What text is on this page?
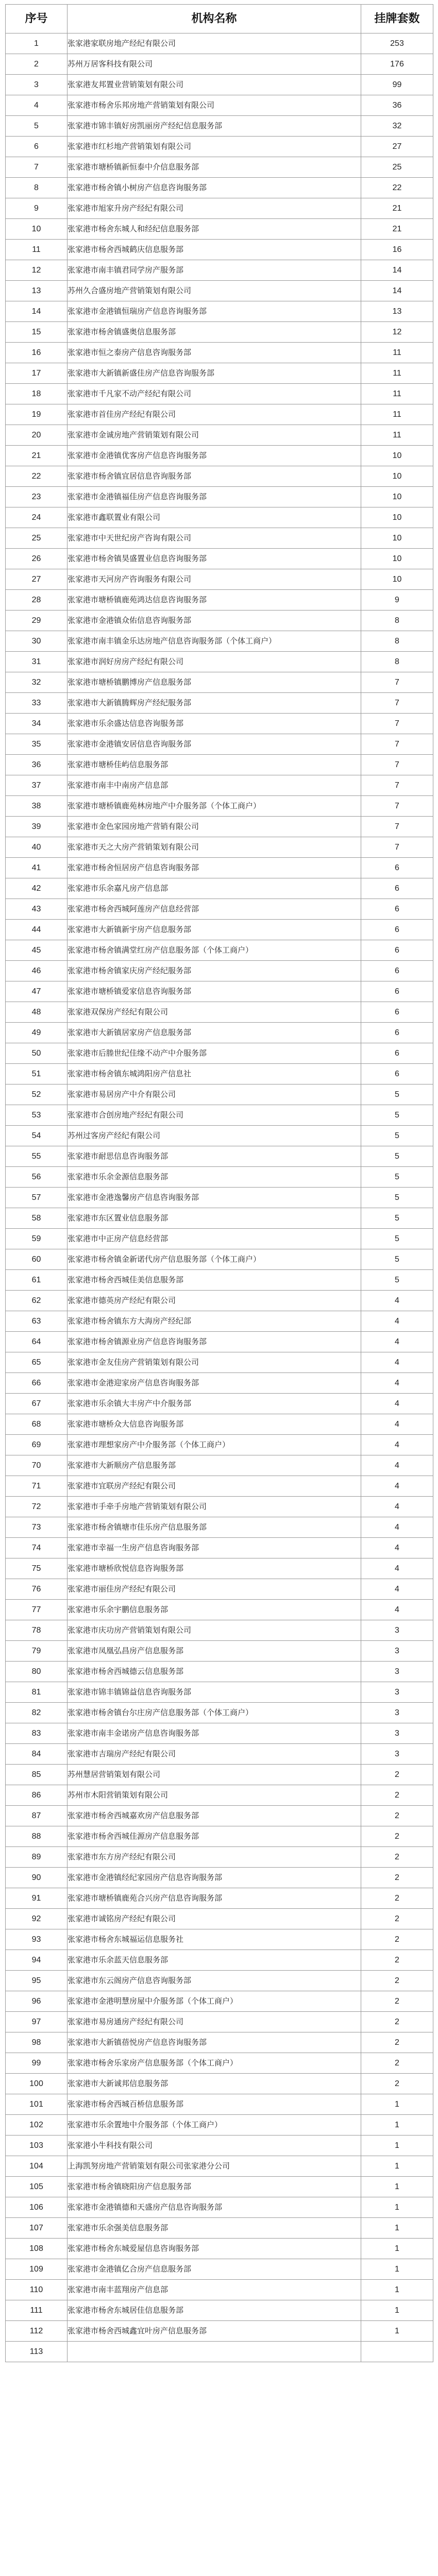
序号	机构名称	挂牌套数
1	张家港家联房地产经纪有限公司	253
2	苏州万居客科技有限公司	176
3	张家港友邦置业营销策划有限公司	99
4	张家港市杨舍乐邦房地产营销策划有限公司	36
5	张家港市锦丰镇好房凯丽房产经纪信息服务部	32
6	张家港市红杉地产营销策划有限公司	27
7	张家港市塘桥镇新恒泰中介信息服务部	25
8	张家港市杨舍镇小树房产信息咨询服务部	22
9	张家港市旭家升房产经纪有限公司	21
10	张家港市杨舍东城人和经纪信息服务部	21
11	张家港市杨舍西城鹤庆信息服务部	16
12	张家港市南丰镇君同学房产服务部	14
13	苏州久合盛房地产营销策划有限公司	14
14	张家港市金港镇恒瑞房产信息咨询服务部	13
15	张家港市杨舍镇盛奥信息服务部	12
16	张家港市恒之泰房产信息咨询服务部	11
17	张家港市大新镇新盛佳房产信息咨询服务部	11
18	张家港市千凡家不动产经纪有限公司	11
19	张家港市首佳房产经纪有限公司	11
20	张家港市金诚房地产营销策划有限公司	11
21	张家港市金港镇优客房产信息咨询服务部	10
22	张家港市杨舍镇宜居信息咨询服务部	10
23	张家港市金港镇福佳房产信息咨询服务部	10
24	张家港市鑫联置业有限公司	10
25	张家港市中天世纪房产咨询有限公司	10
26	张家港市杨舍镇昊盛置业信息咨询服务部	10
27	张家港市天河房产咨询服务有限公司	10
28	张家港市塘桥镇鹿苑鸿达信息咨询服务部	9
29	张家港市金港镇众佑信息咨询服务部	8
30	张家港市南丰镇金乐达房地产信息咨询服务部（个体工商户）	8
31	张家港市润好房房产经纪有限公司	8
32	张家港市塘桥镇鹏博房产信息服务部	7
33	张家港市大新镇腾辉房产经纪服务部	7
34	张家港市乐余盛达信息咨询服务部	7
35	张家港市金港镇安居信息咨询服务部	7
36	张家港市塘桥佳屿信息服务部	7
37	张家港市南丰中南房产信息部	7
38	张家港市塘桥镇鹿苑林房地产中介服务部（个体工商户）	7
39	张家港市金色家园房地产营销有限公司	7
40	张家港市天之大房产营销策划有限公司	7
41	张家港市杨舍恒居房产信息咨询服务部	6
42	张家港市乐余嘉凡房产信息部	6
43	张家港市杨舍西城阿莲房产信息经营部	6
44	张家港市大新镇新宇房产信息服务部	6
45	张家港市杨舍镇满堂红房产信息服务部（个体工商户）	6
46	张家港市杨舍镇家庆房产经纪服务部	6
47	张家港市塘桥镇爱家信息咨询服务部	6
48	张家港双保房产经纪有限公司	6
49	张家港市大新镇居家房产信息服务部	6
50	张家港市后塍世纪佳缘不动产中介服务部	6
51	张家港市杨舍镇东城鸿阳房产信息社	6
52	张家港市易居房产中介有限公司	5
53	张家港市合创房地产经纪有限公司	5
54	苏州过客房产经纪有限公司	5
55	张家港市耐思信息咨询服务部	5
56	张家港市乐余金源信息服务部	5
57	张家港市金港逸馨房产信息咨询服务部	5
58	张家港市东区置业信息服务部	5
59	张家港市中正房产信息经营部	5
60	张家港市杨舍镇金新诺代房产信息服务部（个体工商户）	5
61	张家港市杨舍西城佳美信息服务部	5
62	张家港市德英房产经纪有限公司	4
63	张家港市杨舍镇东方大海房产经纪部	4
64	张家港市杨舍镇源业房产信息咨询服务部	4
65	张家港市金友佳房产营销策划有限公司	4
66	张家港市金港迎家房产信息咨询服务部	4
67	张家港市乐余镇大丰房产中介服务部	4
68	张家港市塘桥众大信息咨询服务部	4
69	张家港市理想家房产中介服务部（个体工商户）	4
70	张家港市大新顺房产信息服务部	4
71	张家港市宜联房产经纪有限公司	4
72	张家港市手牵手房地产营销策划有限公司	4
73	张家港市杨舍镇塘市佳乐房产信息服务部	4
74	张家港市幸福一生房产信息咨询服务部	4
75	张家港市塘桥欣悦信息咨询服务部	4
76	张家港市丽佳房产经纪有限公司	4
77	张家港市乐余宇鹏信息服务部	4
78	张家港市庆功房产营销策划有限公司	3
79	张家港市凤凰弘昌房产信息服务部	3
80	张家港市杨舍西城德云信息服务部	3
81	张家港市锦丰镇锦益信息咨询服务部	3
82	张家港市杨舍镇台尔庄房产信息服务部（个体工商户）	3
83	张家港市南丰金诺房产信息咨询服务部	3
84	张家港市吉瑞房产经纪有限公司	3
85	苏州慧居营销策划有限公司	2
86	苏州市木阳营销策划有限公司	2
87	张家港市杨舍西城嘉欢房产信息服务部	2
88	张家港市杨舍西城佳源房产信息服务部	2
89	张家港市东方房产经纪有限公司	2
90	张家港市金港镇经纪家园房产信息咨询服务部	2
91	张家港市塘桥镇鹿苑合兴房产信息咨询服务部	2
92	张家港市诚铭房产经纪有限公司	2
93	张家港市杨舍东城福运信息服务社	2
94	张家港市乐余蓝天信息服务部	2
95	张家港市东云阁房产信息咨询服务部	2
96	张家港市金港明慧房屋中介服务部（个体工商户）	2
97	张家港市易房通房产经纪有限公司	2
98	张家港市大新镇蓓悦房产信息咨询服务部	2
99	张家港市杨舍乐家房产信息服务部（个体工商户）	2
100	张家港市大新诚邦信息服务部	2
101	张家港市杨舍西城百桥信息服务部	1
102	张家港市乐余置地中介服务部（个体工商户）	1
103	张家港小牛科技有限公司	1
104	上海凯努房地产营销策划有限公司张家港分公司	1
105	张家港市杨舍镇晓阳房产信息服务部	1
106	张家港市金港镇德和天盛房产信息咨询服务部	1
107	张家港市乐余强美信息服务部	1
108	张家港市杨舍东城爱屋信息咨询服务部	1
109	张家港市金港镇亿合房产信息服务部	1
110	张家港市南丰蓝翔房产信息部	1
111	张家港市杨舍东城居佳信息服务部	1
112	张家港市杨舍西城鑫宜叶房产信息服务部	1
113		
